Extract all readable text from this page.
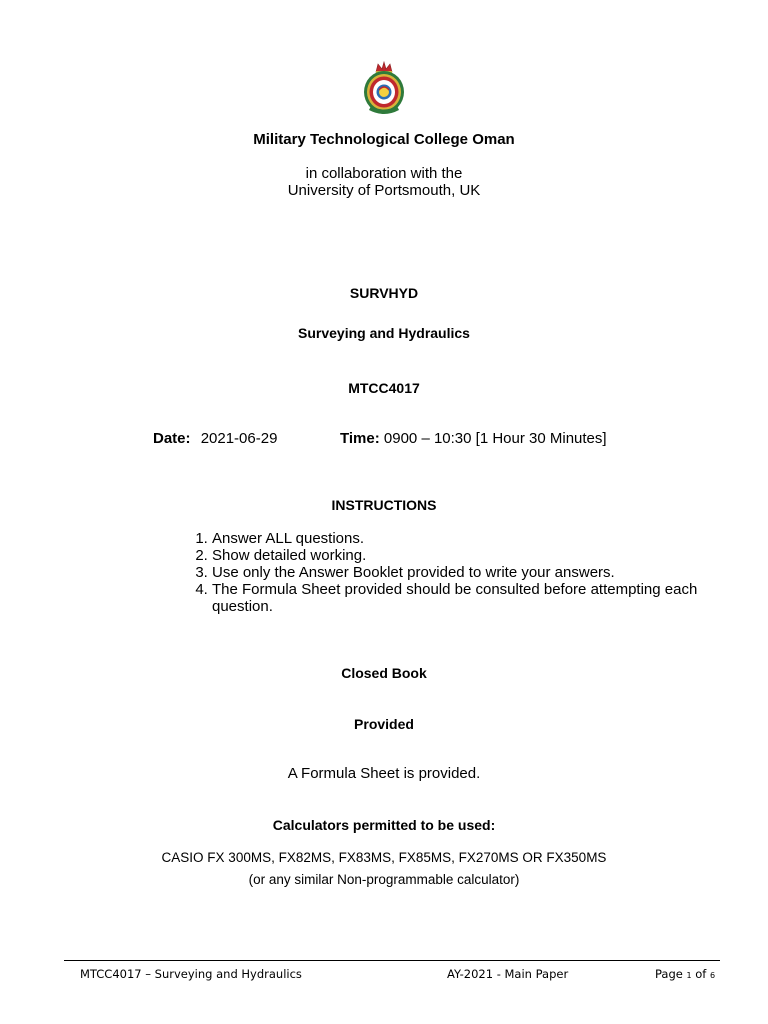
Military Technological College Oman
in collaboration with the
University of Portsmouth, UK
SURVHYD
Surveying and Hydraulics
MTCC4017
Date: 2021-06-29	Time: 0900 – 10:30 [1 Hour 30 Minutes]
INSTRUCTIONS
1. Answer ALL questions.
2. Show detailed working.
3. Use only the Answer Booklet provided to write your answers.
4. The Formula Sheet provided should be consulted before attempting each question.
Closed Book
Provided
A Formula Sheet is provided.
Calculators permitted to be used:
CASIO FX 300MS, FX82MS, FX83MS, FX85MS, FX270MS OR FX350MS
(or any similar Non-programmable calculator)
MTCC4017 – Surveying and Hydraulics	AY-2021 - Main Paper	Page 1 of 6
